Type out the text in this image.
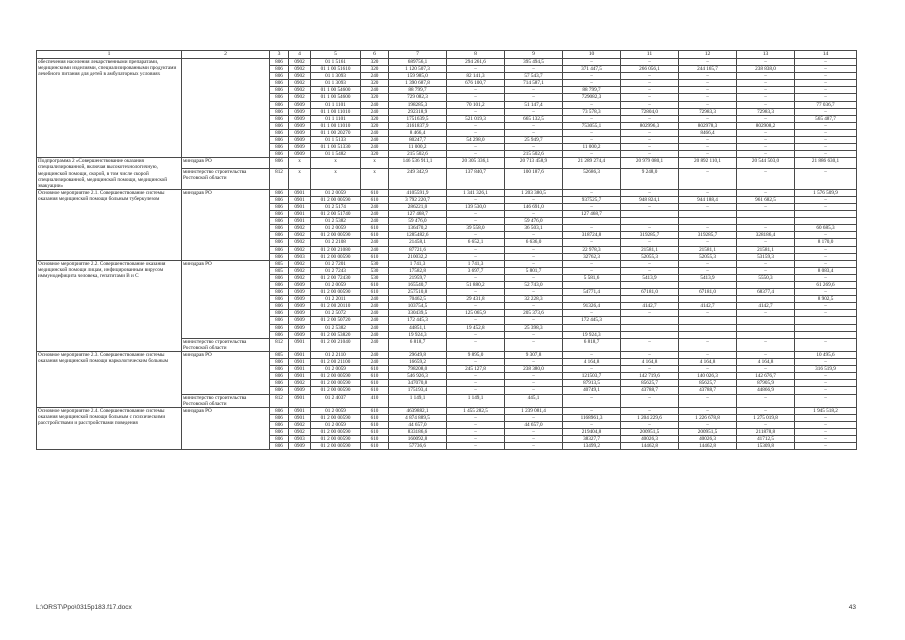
1	2	3	4	5	6	7	8	9	10	11	12	13	14
обеспечения населения лекарственными препаратами, медицинскими изделиями, специализированными продуктами лечебного питания для детей в амбулаторных условиях		806	0902	01 1 5161	320	689756,1	294 261,6	395 494,5	–	–	–	–	–
		806	0902	01 1 00 51610	320	1 120 507,3	–	–	371 447,5	266 056,1	244 165,7	238 838,0	–
		806	0902	01 1 3093	240	159 985,0	82 141,3	57 543,7	–	–	–	–	–
		806	0902	01 1 3093	320	1 390 687,8	676 100,7	714 587,1	–	–	–	–	–
		806	0902	01 1 00 54600	240	88 799,7	–	–	88 799,7	–	–	–	–
		806	0902	01 1 00 54600	320	729 082,3	–	–	729082,3	–	–	–	–
		806	0909	01 1 1101	240	198285,3	70 101,2	51 147,4	–	–	–	–	77 036,7
		806	0909	01 1 00 11010	240	292318,9	–	–	73 578,3	72804,0	72983,3	72983,3	–
		806	0909	01 1 1101	320	1751639,5	521 019,3	665 132,5	–	–	–	–	565 487,7
		806	0909	01 1 00 11010	320	3161837,9	–	–	753055,1	802996,3	802978,3	802908,2	–
		806	0909	01 1 00 20270	240	8 466,4	–	–	–	–	8466,4	–	–
		806	0909	01 1 5133	240	80247,7	54 298,0	25 949,7	–	–	–	–	–
		806	0909	01 1 00 51330	240	11 000,2	–	–	11 000,2	–	–	–	–
		806	0909	01 1 5482	320	215 502,6	–	215 502,6	–	–	–	–	–
Подпрограмма 2 «Совершенствование оказания специализированной, включая высокотехнологичную, медицинской помощи, скорой, в том числе скорой специализированной, медицинской помощи, медицинской эвакуации»	минздрав РО	806	x	x	x	146 536 911,1	20 305 336,1	20 713 458,9	21 289 274,4	20 979 080,1	20 892 110,1	20 544 503,0	21 886 630,1
	министерство строительства Ростовской области	812	x	x	x	249 342,9	137 840,7	100 187,6	52686,3	9 248,0	–	–	–
Основное мероприятие 2.1. Совершенствование системы оказания медицинской помощи больным туберкулезом	минздрав РО	806	0901	01 2 0059	610	4105591,9	1 341 326,1	1 203 380,5	–	–	–	–	1 576 509,9
		806	0901	01 2 00 00590	610	3 792 220,7	–	–	937525,7	948 824,1	944 188,4	961 682,5	–
		806	0901	01 2 5174	240	286221,0	139 530,0	146 691,0	–	–	–	–	–
		806	0901	01 2 00 51740	240	127 468,7	–	–	127 468,7				
		806	0901	01 2 5382	240	59 476,0	–	59 476,0					
		806	0902	01 2 0059	610	136470,2	39 558,0	36 503,1	–	–	–	–	60 685,3
		806	0902	01 2 00 00590	610	1285482,6	–	–	318724,8	319285,7	319285,7	328186,4	–
		806	0902	01 2 2108	240	21458,1	6 652,1	6 636,0	–	–	–	–	8 170,0
		806	0902	01 2 00 21080	240	87721,6	–	–	22 978,3	21581,1	21581,1	21581,1	–
		806	0903	01 2 00 00590	610	210032,2	–	–	32762,3	52055,3	52055,3	53159,3	–
Основное мероприятие 2.2. Совершенствование оказания медицинской помощи лицам, инфицированным вирусом иммунодефицита человека, гепатитами В и С	минздрав РО	805	0902	01 2 7201	530	1 741,3	1 741,3	–	–	–	–	–	–
		805	0902	01 2 7243	530	17582,8	3 697,7	5 801,7	–	–	–	–	8 083,4
		806	0902	01 2 00 72430	530	21959,7	–	–	5 581,6	5413,9	5413,9	5550,3	–
		806	0909	01 2 0059	610	165540,7	51 880,2	52 743,0					61 269,6
		806	0909	01 2 00 00590	610	257510,8	–	–	54771,4	67181,0	67181,0	68377,4	–
		806	0909	01 2 2011	240	70462,5	29 431,8	32 228,3					8 902,5
		806	0909	01 2 00 20110	240	103754,5	–	–	91326,4	4142,7	4142,7	4142,7	–
		806	0909	01 2 5072	240	330439,5	125 065,9	205 373,6	–	–	–	–	–
		806	0909	01 2 00 50720	240	172 445,3	–	–	172 445,3				
		806	0909	01 2 5382	240	44851,1	19 452,8	25 398,3					
		806	0909	01 2 00 53820	240	19 924,3	–	–	19 924,3				
	министерство строительства Ростовской области	812	0901	01 2 00 21040	240	6 818,7	–	–	6 818,7	–	–	–	–
Основное мероприятие 2.3. Совершенствование системы оказания медицинской помощи наркологическим больным	минздрав РО	805	0901	01 2 2110	240	29649,8	9 895,0	9 307,8	–	–	–	–	10 495,6
		806	0901	01 2 00 21100	240	16659,2	–	–	4 164,8	4 164,8	4 164,8	4 164,8	–
		806	0901	01 2 0059	610	798208,0	245 127,8	238 380,0	–	–	–	–	316 519,9
		806	0901	01 2 00 00590	610	546 926,3	–	–	121503,7	142 719,6	140 026,3	142 676,7	–
		806	0902	01 2 00 00590	610	347070,8	–	–	87913,5	85625,7	85625,7	87905,9	–
		806	0909	01 2 00 00590	610	175193,4	–	–	40749,1	43788,7	43788,7	44866,9	–
	министерство строительства Ростовской области	812	0901	01 2 4037	410	1 149,1	1 149,1	445,1	–	–	–	–	–
Основное мероприятие 2.4. Совершенствование системы оказания медицинской помощи больным с психическими расстройствами и расстройствами поведения	минздрав РО	806	0901	01 2 0059	610	4639882,1	1 455 282,5	1 239 081,4	–	–	–	–	1 945 518,2
		806	0901	01 2 00 00590	610	4 874 889,5	–	–	1168961,3	1 204 229,6	1 226 678,8	1 275 019,8	–
		806	0902	01 2 0059	610	44 657,0	–	44 657,0	–	–	–	–	–
		806	0902	01 2 00 00590	610	833186,6	–	–	219404,8	200951,5	200951,5	211878,8	–
		806	0903	01 2 00 00590	610	160092,8	–	–	38327,7	40026,3	40026,3	41712,5	–
		806	0909	01 2 00 00590	610	57736,6	–	–	13499,2	14462,8	14462,8	15309,8	–
L:\ORST\Ppo\0315p183.f17.docx	43
